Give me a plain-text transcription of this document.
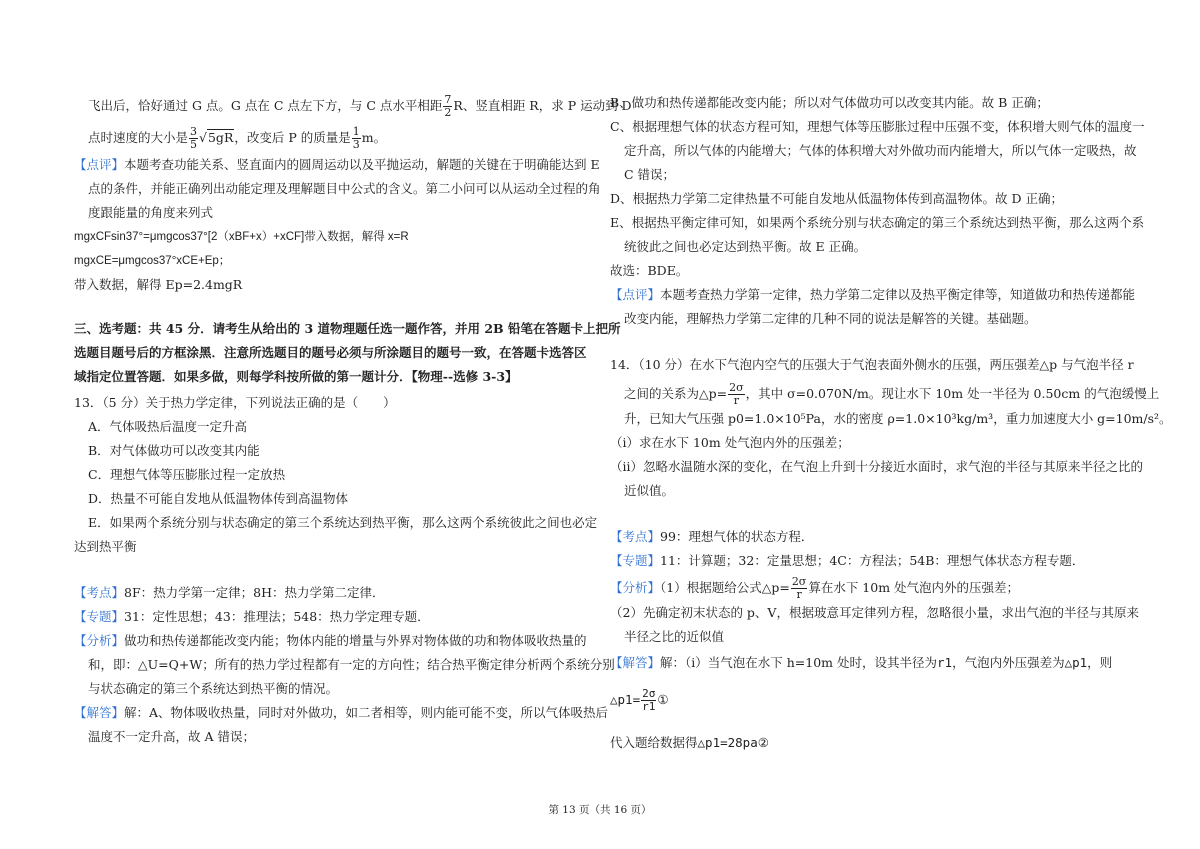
飞出后，恰好通过 G 点。G 点在 C 点左下方，与 C 点水平相距 $\frac{7}{2}$ R、竖直相距 R，求 P 运动到 D
点时速度的大小是 $\frac{3}{5} √5gR$，改变后 P 的质量是 $\frac{1}{3}$ m。
【点评】本题考查功能关系、竖直面内的圆周运动以及平抛运动，解题的关键在于明确能达到 E
点的条件，并能正确列出动能定理及理解题目中公式的含义。第二小问可以从运动全过程的角
度跟能量的角度来列式
mgxCFsin37°=μmgcos37°[2（xBF+x）+xCF]带入数据，解得 x=R
mgxCE=μmgcos37°xCE+Ep；
带入数据，解得 Ep=2.4mgR
三、选考题：共 45 分．请考生从给出的 3 道物理题任选一题作答，并用 2B 铅笔在答题卡上把所
选题目题号后的方框涂黑．注意所选题目的题号必须与所涂题目的题号一致，在答题卡选答区
域指定位置答题．如果多做，则每学科按所做的第一题计分．【物理--选修 3-3】
13．（5 分）关于热力学定律，下列说法正确的是（　　）
A．气体吸热后温度一定升高
B．对气体做功可以改变其内能
C．理想气体等压膨胀过程一定放热
D．热量不可能自发地从低温物体传到高温物体
E．如果两个系统分别与状态确定的第三个系统达到热平衡，那么这两个系统彼此之间也必定
达到热平衡
【考点】8F：热力学第一定律；8H：热力学第二定律．
【专题】31：定性思想；43：推理法；548：热力学定理专题．
【分析】做功和热传递都能改变内能；物体内能的增量与外界对物体做的功和物体吸收热量的
和，即：△U=Q+W；所有的热力学过程都有一定的方向性；结合热平衡定律分析两个系统分别
与状态确定的第三个系统达到热平衡的情况。
【解答】解：A、物体吸收热量，同时对外做功，如二者相等，则内能可能不变，所以气体吸热后
温度不一定升高，故 A 错误；
B、做功和热传递都能改变内能；所以对气体做功可以改变其内能。故 B 正确；
C、根据理想气体的状态方程可知，理想气体等压膨胀过程中压强不变，体积增大则气体的温度一
定升高，所以气体的内能增大；气体的体积增大对外做功而内能增大，所以气体一定吸热，故
C 错误；
D、根据热力学第二定律热量不可能自发地从低温物体传到高温物体。故 D 正确；
E、根据热平衡定律可知，如果两个系统分别与状态确定的第三个系统达到热平衡，那么这两个系
统彼此之间也必定达到热平衡。故 E 正确。
故选：BDE。
【点评】本题考查热力学第一定律，热力学第二定律以及热平衡定律等，知道做功和热传递都能
改变内能，理解热力学第二定律的几种不同的说法是解答的关键。基础题。
14．（10 分）在水下气泡内空气的压强大于气泡表面外侧水的压强，两压强差△p 与气泡半径 r
之间的关系为△p= $\frac{2\sigma}{r}$ ，其中 σ=0.070N/m。现让水下 10m 处一半径为 0.50cm 的气泡缓慢上
升，已知大气压强 p0=1.0×10⁵Pa，水的密度 ρ=1.0×10³kg/m³，重力加速度大小 g=10m/s²。
（i）求在水下 10m 处气泡内外的压强差；
（ii）忽略水温随水深的变化，在气泡上升到十分接近水面时，求气泡的半径与其原来半径之比的
近似值。
【考点】99：理想气体的状态方程．
【专题】11：计算题；32：定量思想；4C：方程法；54B：理想气体状态方程专题．
【分析】（1）根据题给公式△p= $\frac{2\sigma}{r}$ 算在水下 10m 处气泡内外的压强差；
（2）先确定初末状态的 p、V，根据玻意耳定律列方程，忽略很小量，求出气泡的半径与其原来
半径之比的近似值
【解答】解：（i）当气泡在水下 h=10m 处时，设其半径为r1，气泡内外压强差为△p1，则
△p1= $\frac{2\sigma}{r1}$ ①
代入题给数据得△p1=28pa②
第 13 页（共 16 页）
